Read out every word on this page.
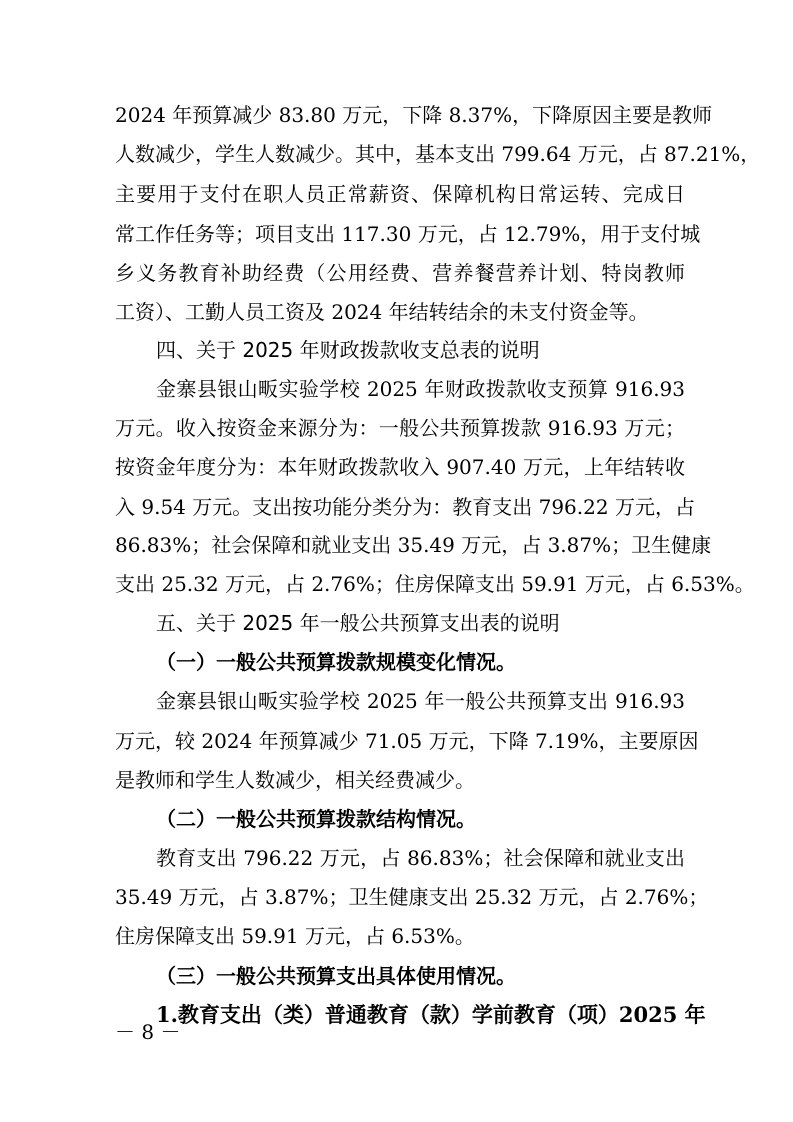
2024 年预算减少 83.80 万元，下降 8.37%，下降原因主要是教师
人数减少，学生人数减少。其中，基本支出 799.64 万元，占 87.21%，
主要用于支付在职人员正常薪资、保障机构日常运转、完成日
常工作任务等；项目支出 117.30 万元，占 12.79%，用于支付城
乡义务教育补助经费（公用经费、营养餐营养计划、特岗教师
工资）、工勤人员工资及 2024 年结转结余的未支付资金等。
四、关于 2025 年财政拨款收支总表的说明
金寨县银山畈实验学校 2025 年财政拨款收支预算 916.93
万元。收入按资金来源分为：一般公共预算拨款 916.93 万元；
按资金年度分为：本年财政拨款收入 907.40 万元，上年结转收
入 9.54 万元。支出按功能分类分为：教育支出 796.22 万元，占
86.83%；社会保障和就业支出 35.49 万元，占 3.87%；卫生健康
支出 25.32 万元，占 2.76%；住房保障支出 59.91 万元，占 6.53%。
五、关于 2025 年一般公共预算支出表的说明
（一）一般公共预算拨款规模变化情况。
金寨县银山畈实验学校 2025 年一般公共预算支出 916.93
万元，较 2024 年预算减少 71.05 万元，下降 7.19%，主要原因
是教师和学生人数减少，相关经费减少。
（二）一般公共预算拨款结构情况。
教育支出 796.22 万元，占 86.83%；社会保障和就业支出
35.49 万元，占 3.87%；卫生健康支出 25.32 万元，占 2.76%；
住房保障支出 59.91 万元，占 6.53%。
（三）一般公共预算支出具体使用情况。
1.教育支出（类）普通教育（款）学前教育（项）2025 年
－ 8 －
